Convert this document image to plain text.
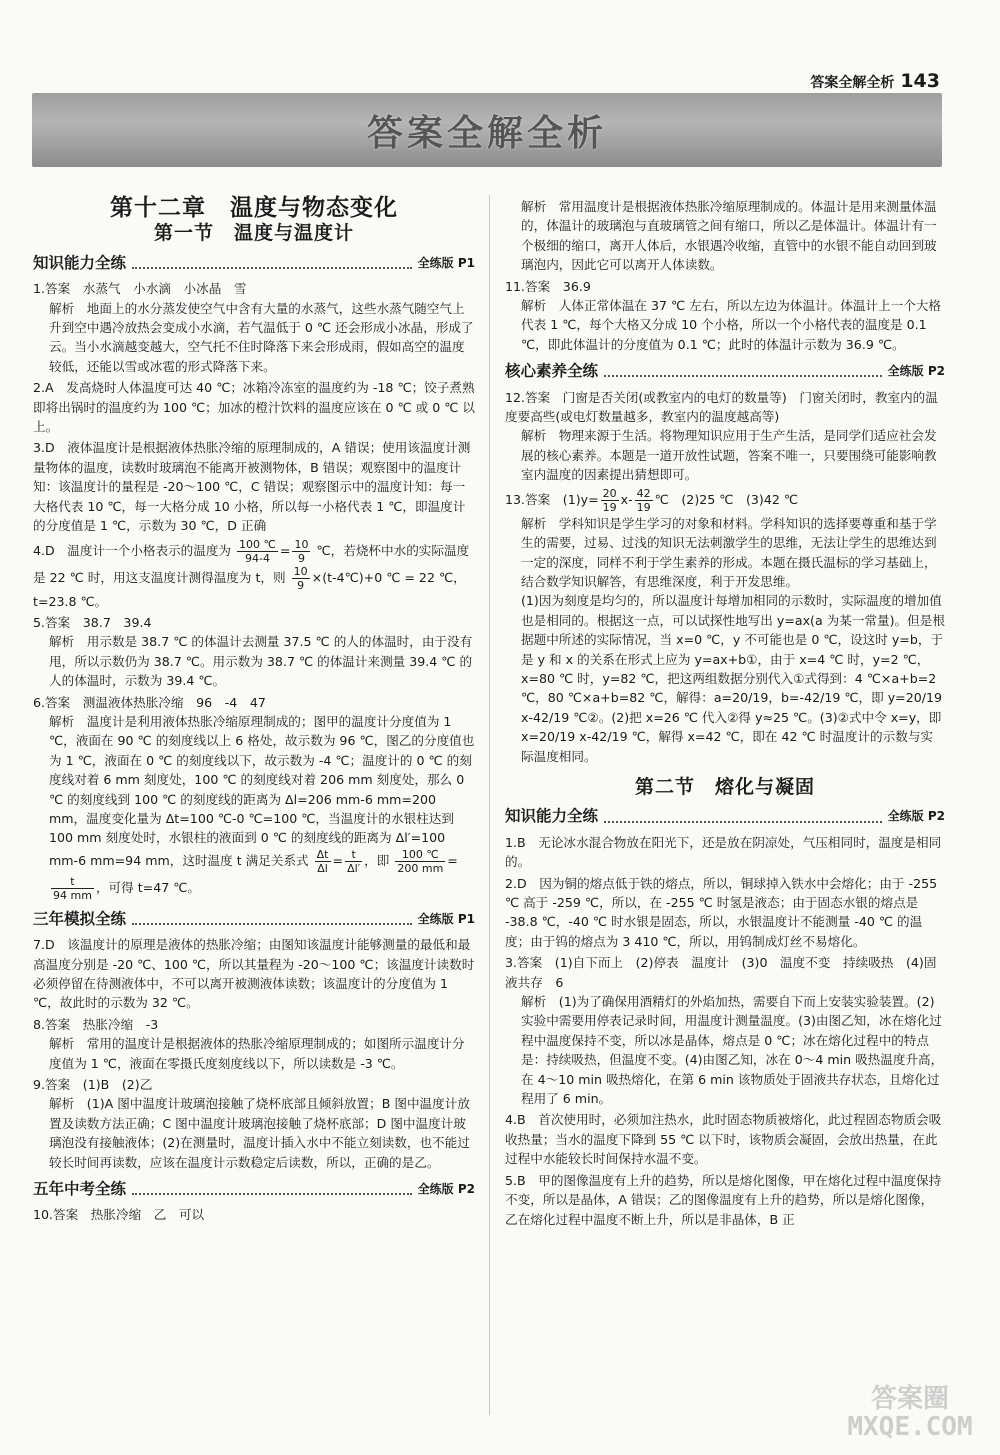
答案全解全析 143
答案全解全析
第十二章　温度与物态变化
第一节　温度与温度计
知识能力全练	全练版 P1

1.答案　水蒸气　小水滴　小冰晶　雪

解析　地面上的水分蒸发使空气中含有大量的水蒸气，这些水蒸气随空气上升到空中遇冷放热会变成小水滴，若气温低于 0 ℃ 还会形成小冰晶，形成了云。当小水滴越变越大，空气托不住时降落下来会形成雨，假如高空的温度较低，还能以雪或冰雹的形式降落下来。

2.A　发高烧时人体温度可达 40 ℃；冰箱冷冻室的温度约为 -18 ℃；饺子煮熟即将出锅时的温度约为 100 ℃；加冰的橙汁饮料的温度应该在 0 ℃ 或 0 ℃ 以上。

3.D　液体温度计是根据液体热胀冷缩的原理制成的，A 错误；使用该温度计测量物体的温度，读数时玻璃泡不能离开被测物体，B 错误；观察图中的温度计知：该温度计的量程是 -20～100 ℃，C 错误；观察图示中的温度计知：每一大格代表 10 ℃，每一大格分成 10 小格，所以每一小格代表 1 ℃，即温度计的分度值是 1 ℃，示数为 30 ℃，D 正确

4.D　温度计一个小格表示的温度为 $\frac{100 ℃}{94-4} = \frac{10}{9}$ ℃，若烧杯中水的实际温度是 22 ℃ 时，用这支温度计测得温度为 t，则 $\frac{10}{9}$ ×(t-4℃)+0 ℃ = 22 ℃，t=23.8 ℃。

5.答案　38.7　39.4

解析　用示数是 38.7 ℃ 的体温计去测量 37.5 ℃ 的人的体温时，由于没有甩，所以示数仍为 38.7 ℃。用示数为 38.7 ℃ 的体温计来测量 39.4 ℃ 的人的体温时，示数为 39.4 ℃。

6.答案　测温液体热胀冷缩　96　-4　47

解析　温度计是利用液体热胀冷缩原理制成的；图甲的温度计分度值为 1 ℃，液面在 90 ℃ 的刻度线以上 6 格处，故示数为 96 ℃，图乙的分度值也为 1 ℃，液面在 0 ℃ 的刻度线以下，故示数为 -4 ℃；温度计的 0 ℃ 的刻度线对着 6 mm 刻度处，100 ℃ 的刻度线对着 206 mm 刻度处，那么 0 ℃ 的刻度线到 100 ℃ 的刻度线的距离为 Δl=206 mm-6 mm=200 mm，温度变化量为 Δt=100 ℃-0 ℃=100 ℃，当温度计的水银柱达到 100 mm 刻度处时，水银柱的液面到 0 ℃ 的刻度线的距离为 Δl′=100 mm-6 mm=94 mm，这时温度 t 满足关系式 $\frac{\Delta t}{\Delta l} = \frac{t}{\Delta l'}$ ，即 $\frac{100 ℃}{200 mm}$ =
$\frac{t}{94 mm}$ ，可得 t=47 ℃。

三年模拟全练	全练版 P1

7.D　该温度计的原理是液体的热胀冷缩；由图知该温度计能够测量的最低和最高温度分别是 -20 ℃、100 ℃，所以其量程为 -20～100 ℃；该温度计读数时必须停留在待测液体中，不可以离开被测液体读数；该温度计的分度值为 1 ℃，故此时的示数为 32 ℃。

8.答案　热胀冷缩　-3

解析　常用的温度计是根据液体的热胀冷缩原理制成的；如图所示温度计分度值为 1 ℃，液面在零摄氏度刻度线以下，所以读数是 -3 ℃。

9.答案　(1)B　(2)乙

解析　(1)A 图中温度计玻璃泡接触了烧杯底部且倾斜放置；B 图中温度计放置及读数方法正确；C 图中温度计玻璃泡接触了烧杯底部；D 图中温度计玻璃泡没有接触液体；(2)在测量时，温度计插入水中不能立刻读数，也不能过较长时间再读数，应该在温度计示数稳定后读数，所以，正确的是乙。

五年中考全练	全练版 P2

10.答案　热胀冷缩　乙　可以

解析　常用温度计是根据液体热胀冷缩原理制成的。体温计是用来测量体温的，体温计的玻璃泡与直玻璃管之间有缩口，所以乙是体温计。体温计有一个极细的缩口，离开人体后，水银遇冷收缩，直管中的水银不能自动回到玻璃泡内，因此它可以离开人体读数。

11.答案　36.9

解析　人体正常体温在 37 ℃ 左右，所以左边为体温计。体温计上一个大格代表 1 ℃，每个大格又分成 10 个小格，所以一个小格代表的温度是 0.1 ℃，即此体温计的分度值为 0.1 ℃；此时的体温计示数为 36.9 ℃。

核心素养全练	全练版 P2

12.答案　门窗是否关闭(或教室内的电灯的数量等)　门窗关闭时，教室内的温度要高些(或电灯数量越多，教室内的温度越高等)

解析　物理来源于生活。将物理知识应用于生产生活，是同学们适应社会发展的核心素养。本题是一道开放性试题，答案不唯一，只要围绕可能影响教室内温度的因素提出猜想即可。

13.答案　$(1)y= \frac{20}{19} x- \frac{42}{19}$ ℃　(2)25 ℃　(3)42 ℃

解析　学科知识是学生学习的对象和材料。学科知识的选择要尊重和基于学生的需要，过易、过浅的知识无法刺激学生的思维，无法让学生的思维达到一定的深度，同样不利于学生素养的形成。本题在摄氏温标的学习基础上，结合数学知识解答，有思维深度，利于开发思维。

(1)因为刻度是均匀的，所以温度计每增加相同的示数时，实际温度的增加值也是相同的。根据这一点，可以试探性地写出 y=ax(a 为某一常量)。但是根据题中所述的实际情况，当 x=0 ℃，y 不可能也是 0 ℃，设这时 y=b，于是 y 和 x 的关系在形式上应为 y=ax+b①，由于 x=4 ℃ 时，y=2 ℃，x=80 ℃ 时，y=82 ℃，把这两组数据分别代入①式得到：4 ℃×a+b=2 ℃，80 ℃×a+b=82 ℃，解得：a=20/19，b=-42/19 ℃，即 y=20/19 x-42/19 ℃②。(2)把 x=26 ℃ 代入②得 y≈25 ℃。(3)②式中令 x=y，即 x=20/19 x-42/19 ℃，解得 x=42 ℃，即在 42 ℃ 时温度计的示数与实际温度相同。

第二节　熔化与凝固
知识能力全练	全练版 P2

1.B　无论冰水混合物放在阳光下，还是放在阴凉处，气压相同时，温度是相同的。

2.D　因为铜的熔点低于铁的熔点，所以，铜球掉入铁水中会熔化；由于 -255 ℃ 高于 -259 ℃，所以，在 -255 ℃ 时氢是液态；由于固态水银的熔点是 -38.8 ℃，-40 ℃ 时水银是固态，所以，水银温度计不能测量 -40 ℃ 的温度；由于钨的熔点为 3 410 ℃，所以，用钨制成灯丝不易熔化。

3.答案　(1)自下而上　(2)停表　温度计　(3)0　温度不变　持续吸热　(4)固液共存　6

解析　(1)为了确保用酒精灯的外焰加热，需要自下而上安装实验装置。(2)实验中需要用停表记录时间，用温度计测量温度。(3)由图乙知，冰在熔化过程中温度保持不变，所以冰是晶体，熔点是 0 ℃；冰在熔化过程中的特点是：持续吸热，但温度不变。(4)由图乙知，冰在 0～4 min 吸热温度升高，在 4～10 min 吸热熔化，在第 6 min 该物质处于固液共存状态，且熔化过程用了 6 min。

4.B　首次使用时，必须加注热水，此时固态物质被熔化，此过程固态物质会吸收热量；当水的温度下降到 55 ℃ 以下时，该物质会凝固，会放出热量，在此过程中水能较长时间保持水温不变。

5.B　甲的图像温度有上升的趋势，所以是熔化图像，甲在熔化过程中温度保持不变，所以是晶体，A 错误；乙的图像温度有上升的趋势，所以是熔化图像，乙在熔化过程中温度不断上升，所以是非晶体，B 正

答案圈
MXQE.COM
